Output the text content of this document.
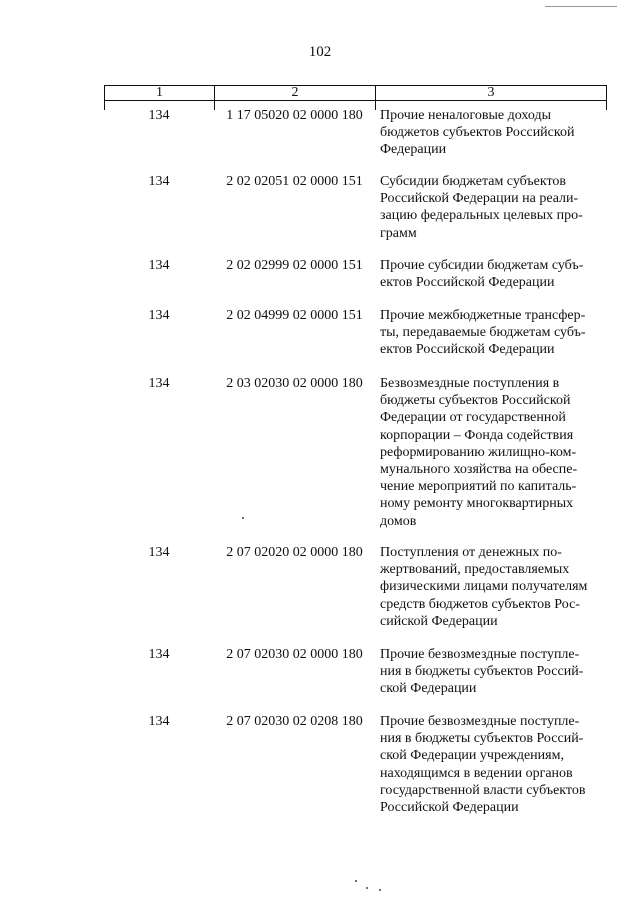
102
1	2	3
134	1 17 05020 02 0000 180	Прочие неналоговые доходы
бюджетов субъектов Российской
Федерации
134	2 02 02051 02 0000 151	Субсидии бюджетам субъектов
Российской Федерации на реали-
зацию федеральных целевых про-
грамм
134	2 02 02999 02 0000 151	Прочие субсидии бюджетам субъ-
ектов Российской Федерации
134	2 02 04999 02 0000 151	Прочие межбюджетные трансфер-
ты, передаваемые бюджетам субъ-
ектов Российской Федерации
134	2 03 02030 02 0000 180	Безвозмездные поступления в
бюджеты субъектов Российской
Федерации от государственной
корпорации – Фонда содействия
реформированию жилищно-ком-
мунального хозяйства на обеспе-
чение мероприятий по капиталь-
ному ремонту многоквартирных
домов
134	2 07 02020 02 0000 180	Поступления от денежных по-
жертвований, предоставляемых
физическими лицами получателям
средств бюджетов субъектов Рос-
сийской Федерации
134	2 07 02030 02 0000 180	Прочие безвозмездные поступле-
ния в бюджеты субъектов Россий-
ской Федерации
134	2 07 02030 02 0208 180	Прочие безвозмездные поступле-
ния в бюджеты субъектов Россий-
ской Федерации учреждениям,
находящимся в ведении органов
государственной власти субъектов
Российской Федерации
